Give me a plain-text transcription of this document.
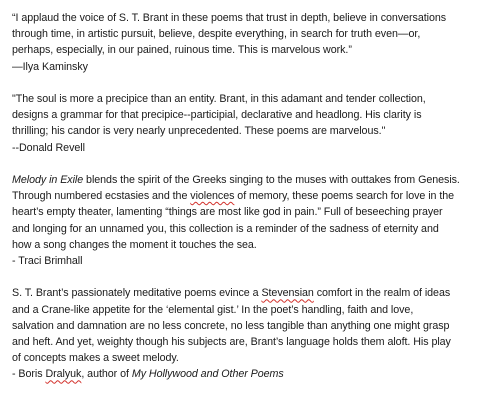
“I applaud the voice of S. T. Brant in these poems that trust in depth, believe in conversations
through time, in artistic pursuit, believe, despite everything, in search for truth even—or,
perhaps, especially, in our pained, ruinous time. This is marvelous work.”
—Ilya Kaminsky
"The soul is more a precipice than an entity. Brant, in this adamant and tender collection,
designs a grammar for that precipice--participial, declarative and headlong. His clarity is
thrilling; his candor is very nearly unprecedented. These poems are marvelous."
--Donald Revell
Melody in Exile blends the spirit of the Greeks singing to the muses with outtakes from Genesis.
Through numbered ecstasies and the violences of memory, these poems search for love in the
heart’s empty theater, lamenting “things are most like god in pain.” Full of beseeching prayer
and longing for an unnamed you, this collection is a reminder of the sadness of eternity and
how a song changes the moment it touches the sea.
- Traci Brimhall
S. T. Brant’s passionately meditative poems evince a Stevensian comfort in the realm of ideas
and a Crane-like appetite for the ‘elemental gist.’ In the poet’s handling, faith and love,
salvation and damnation are no less concrete, no less tangible than anything one might grasp
and heft. And yet, weighty though his subjects are, Brant’s language holds them aloft. His play
of concepts makes a sweet melody.
- Boris Dralyuk, author of My Hollywood and Other Poems
